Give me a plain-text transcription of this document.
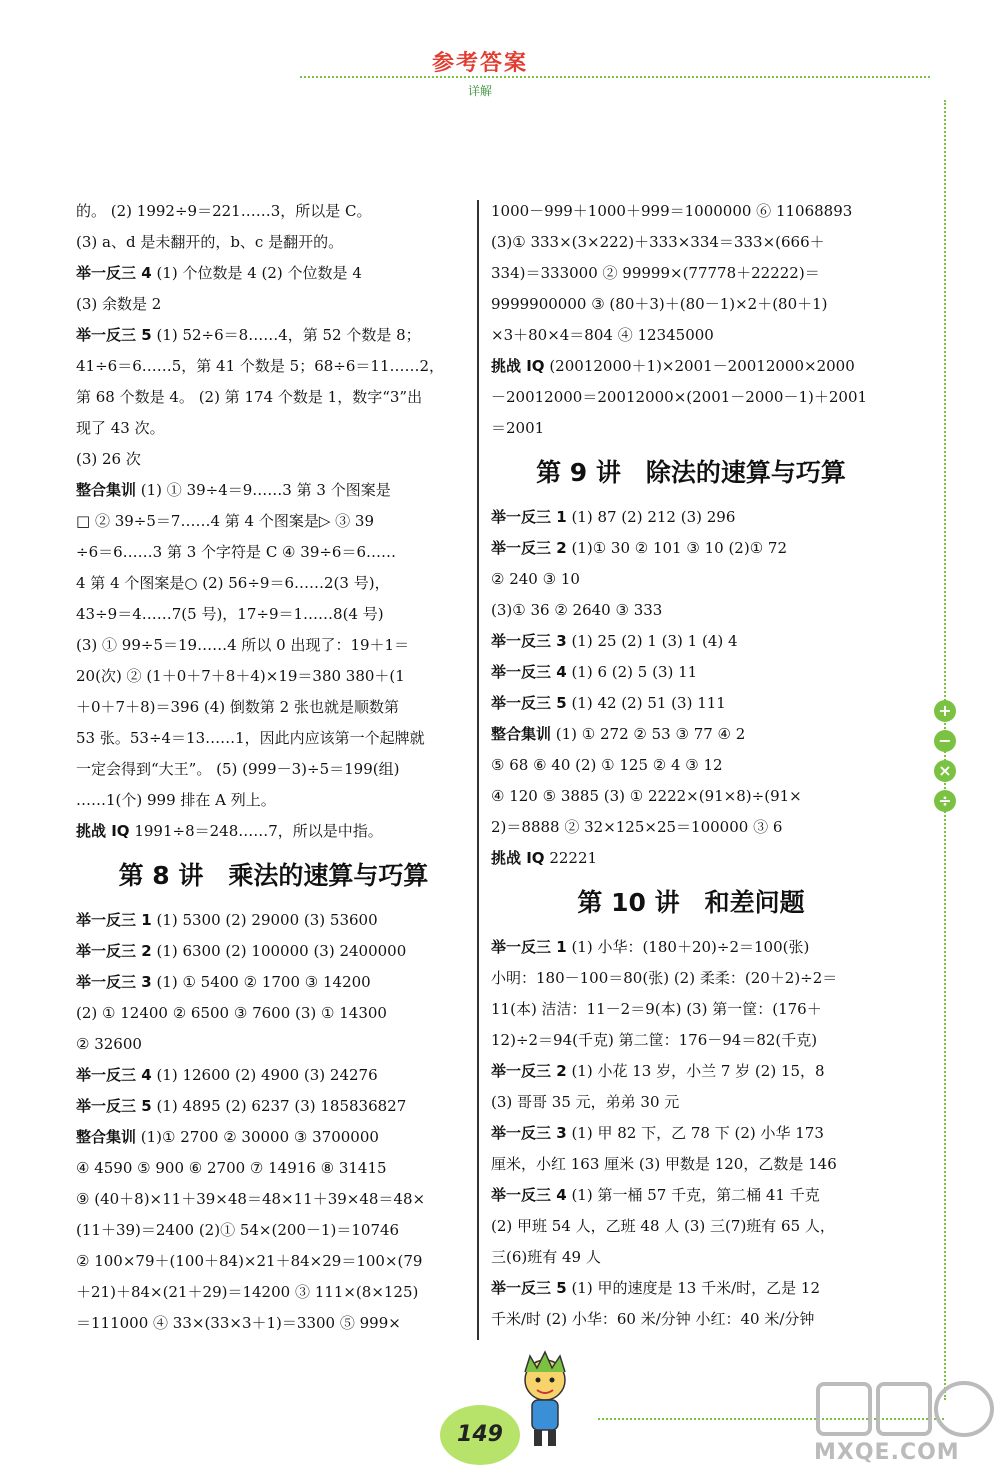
参考答案
详解
的。 (2) 1992÷9＝221……3，所以是 C。
(3) a、d 是未翻开的，b、c 是翻开的。
举一反三 4 (1) 个位数是 4 (2) 个位数是 4
(3) 余数是 2
举一反三 5 (1) 52÷6＝8……4，第 52 个数是 8；
41÷6＝6……5，第 41 个数是 5；68÷6＝11……2，
第 68 个数是 4。 (2) 第 174 个数是 1，数字“3”出
现了 43 次。
(3) 26 次
整合集训 (1) ① 39÷4＝9……3 第 3 个图案是
□ ② 39÷5＝7……4 第 4 个图案是▷ ③ 39
÷6＝6……3 第 3 个字符是 C ④ 39÷6＝6……
4 第 4 个图案是○ (2) 56÷9＝6……2(3 号)，
43÷9＝4……7(5 号)，17÷9＝1……8(4 号)
(3) ① 99÷5＝19……4 所以 0 出现了：19＋1＝
20(次) ② (1＋0＋7＋8＋4)×19＝380 380＋(1
＋0＋7＋8)＝396 (4) 倒数第 2 张也就是顺数第
53 张。53÷4＝13……1，因此内应该第一个起牌就
一定会得到“大王”。 (5) (999－3)÷5＝199(组)
……1(个) 999 排在 A 列上。
挑战 IQ 1991÷8＝248……7，所以是中指。
第 8 讲　乘法的速算与巧算
举一反三 1 (1) 5300 (2) 29000 (3) 53600
举一反三 2 (1) 6300 (2) 100000 (3) 2400000
举一反三 3 (1) ① 5400 ② 1700 ③ 14200
(2) ① 12400 ② 6500 ③ 7600 (3) ① 14300
② 32600
举一反三 4 (1) 12600 (2) 4900 (3) 24276
举一反三 5 (1) 4895 (2) 6237 (3) 185836827
整合集训 (1)① 2700 ② 30000 ③ 3700000
④ 4590 ⑤ 900 ⑥ 2700 ⑦ 14916 ⑧ 31415
⑨ (40＋8)×11＋39×48＝48×11＋39×48＝48×
(11＋39)＝2400 (2)① 54×(200－1)＝10746
② 100×79＋(100＋84)×21＋84×29＝100×(79
＋21)＋84×(21＋29)＝14200 ③ 111×(8×125)
＝111000 ④ 33×(33×3＋1)＝3300 ⑤ 999×
1000－999＋1000＋999＝1000000 ⑥ 11068893
(3)① 333×(3×222)＋333×334＝333×(666＋
334)＝333000 ② 99999×(77778＋22222)＝
9999900000 ③ (80＋3)＋(80－1)×2＋(80＋1)
×3＋80×4＝804 ④ 12345000
挑战 IQ (20012000＋1)×2001－20012000×2000
－20012000＝20012000×(2001－2000－1)＋2001
＝2001
第 9 讲　除法的速算与巧算
举一反三 1 (1) 87 (2) 212 (3) 296
举一反三 2 (1)① 30 ② 101 ③ 10 (2)① 72
② 240 ③ 10
(3)① 36 ② 2640 ③ 333
举一反三 3 (1) 25 (2) 1 (3) 1 (4) 4
举一反三 4 (1) 6 (2) 5 (3) 11
举一反三 5 (1) 42 (2) 51 (3) 111
整合集训 (1) ① 272 ② 53 ③ 77 ④ 2
⑤ 68 ⑥ 40 (2) ① 125 ② 4 ③ 12
④ 120 ⑤ 3885 (3) ① 2222×(91×8)÷(91×
2)＝8888 ② 32×125×25＝100000 ③ 6
挑战 IQ 22221
第 10 讲　和差问题
举一反三 1 (1) 小华：(180＋20)÷2＝100(张)
小明：180－100＝80(张) (2) 柔柔：(20＋2)÷2＝
11(本) 洁洁：11－2＝9(本) (3) 第一筐：(176＋
12)÷2＝94(千克) 第二筐：176－94＝82(千克)
举一反三 2 (1) 小花 13 岁，小兰 7 岁 (2) 15，8
(3) 哥哥 35 元，弟弟 30 元
举一反三 3 (1) 甲 82 下，乙 78 下 (2) 小华 173
厘米，小红 163 厘米 (3) 甲数是 120，乙数是 146
举一反三 4 (1) 第一桶 57 千克，第二桶 41 千克
(2) 甲班 54 人，乙班 48 人 (3) 三(7)班有 65 人，
三(6)班有 49 人
举一反三 5 (1) 甲的速度是 13 千米/时，乙是 12
千米/时 (2) 小华：60 米/分钟 小红：40 米/分钟
+
−
×
÷
149
MXQE.COM
